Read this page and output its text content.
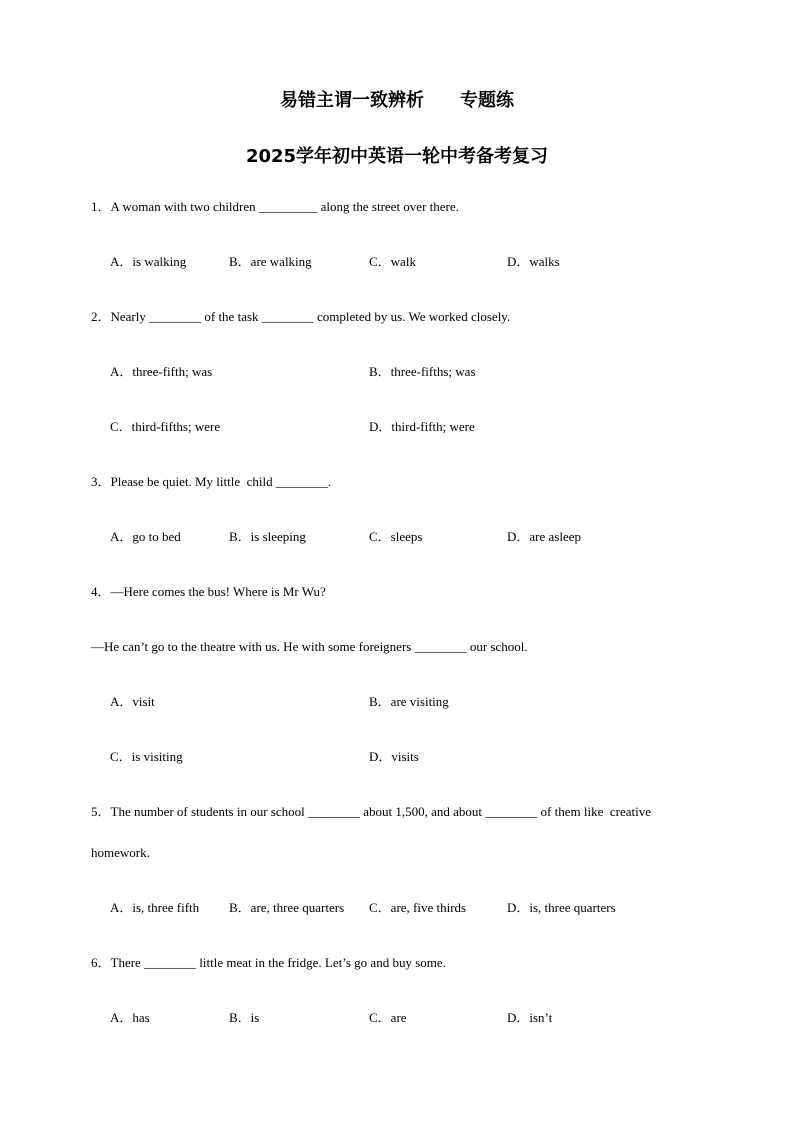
易错主谓一致辨析　　专题练
2025学年初中英语一轮中考备考复习
1．A woman with two children _________ along the street over there.
A．is walking	B．are walking	C．walk	D．walks
2．Nearly ________ of the task ________ completed by us. We worked closely.
A．three-fifth; was	B．three-fifths; was
C．third-fifths; were	D．third-fifth; were
3．Please be quiet. My little  child ________.
A．go to bed	B．is sleeping	C．sleeps	D．are asleep
4．—Here comes the bus! Where is Mr Wu?
—He can’t go to the theatre with us. He with some foreigners ________ our school.
A．visit	B．are visiting
C．is visiting	D．visits
5．The number of students in our school ________ about 1,500, and about ________ of them like  creative
homework.
A．is, three fifth B．are, three quarters C．are, five thirds	D．is, three quarters
6．There ________ little meat in the fridge. Let’s go and buy some.
A．has	B．is	C．are	D．isn’t
